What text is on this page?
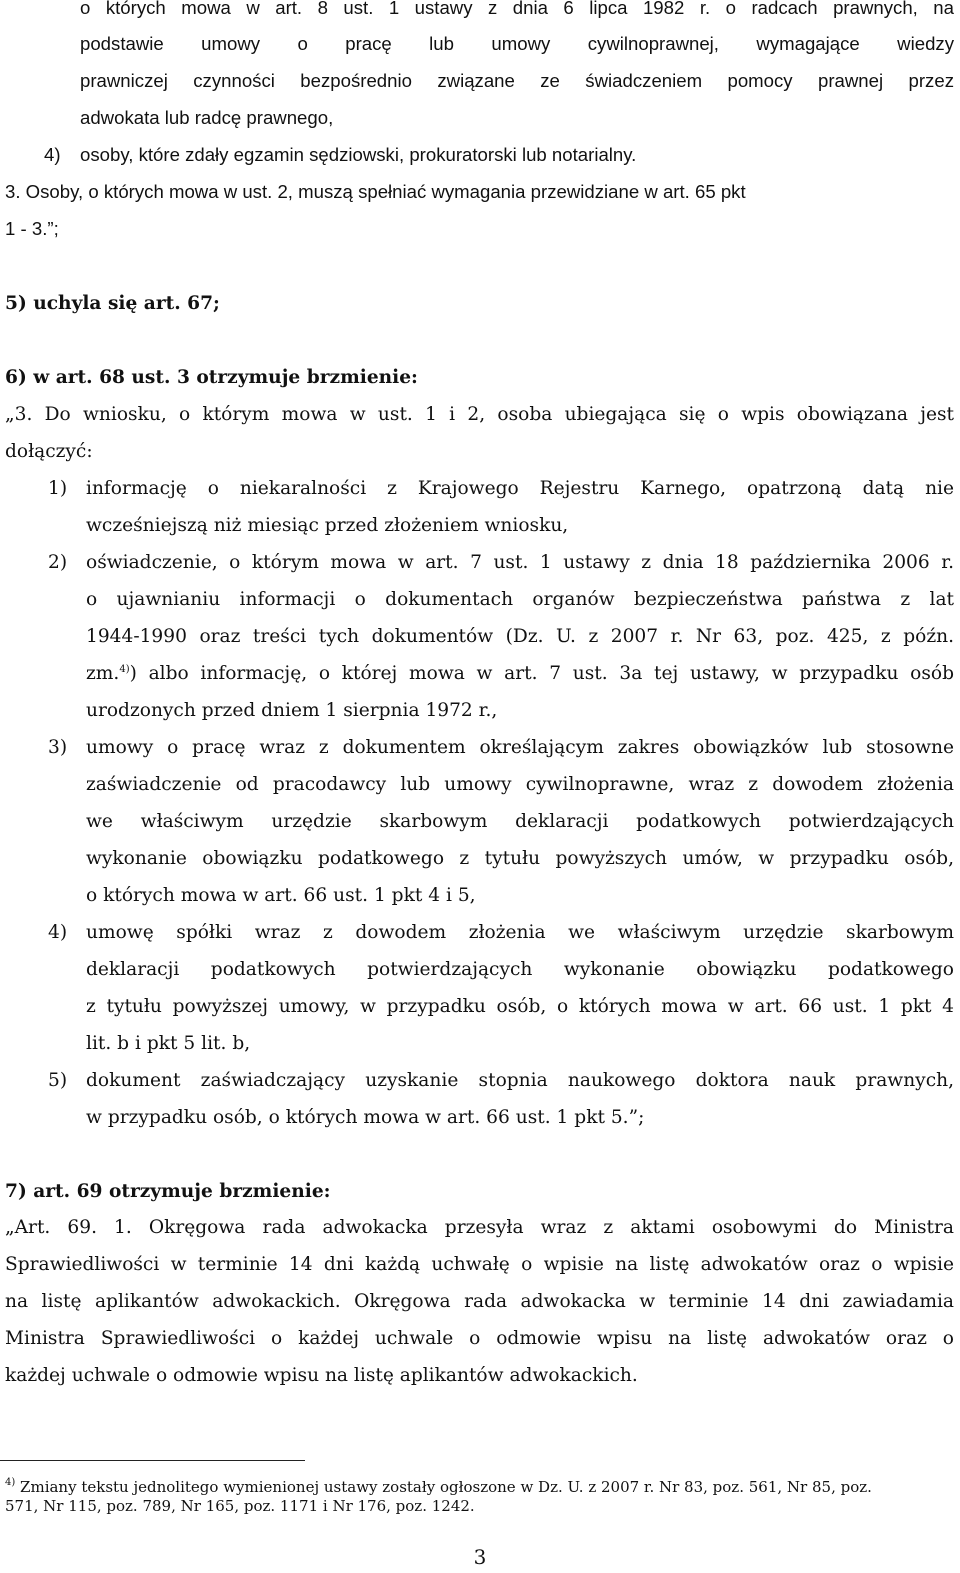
o których mowa w art. 8 ust. 1 ustawy z dnia 6 lipca 1982 r. o radcach prawnych, na
podstawie umowy o pracę lub umowy cywilnoprawnej, wymagające wiedzy
prawniczej czynności bezpośrednio związane ze świadczeniem pomocy prawnej przez
adwokata lub radcę prawnego,
4) osoby, które zdały egzamin sędziowski, prokuratorski lub notarialny.
3. Osoby, o których mowa w ust. 2, muszą spełniać wymagania przewidziane w art. 65 pkt
1 - 3.”;
5) uchyla się art. 67;
6) w art. 68 ust. 3 otrzymuje brzmienie:
„3. Do wniosku, o którym mowa w ust. 1 i 2, osoba ubiegająca się o wpis obowiązana jest
dołączyć:
1) informację o niekaralności z Krajowego Rejestru Karnego, opatrzoną datą nie
wcześniejszą niż miesiąc przed złożeniem wniosku,
2) oświadczenie, o którym mowa w art. 7 ust. 1 ustawy z dnia 18 października 2006 r.
o ujawnianiu informacji o dokumentach organów bezpieczeństwa państwa z lat
1944-1990 oraz treści tych dokumentów (Dz. U. z 2007 r. Nr 63, poz. 425, z późn.
zm.$^{4)}$) albo informację, o której mowa w art. 7 ust. 3a tej ustawy, w przypadku osób
urodzonych przed dniem 1 sierpnia 1972 r.,
3) umowy o pracę wraz z dokumentem określającym zakres obowiązków lub stosowne
zaświadczenie od pracodawcy lub umowy cywilnoprawne, wraz z dowodem złożenia
we właściwym urzędzie skarbowym deklaracji podatkowych potwierdzających
wykonanie obowiązku podatkowego z tytułu powyższych umów, w przypadku osób,
o których mowa w art. 66 ust. 1 pkt 4 i 5,
4) umowę spółki wraz z dowodem złożenia we właściwym urzędzie skarbowym
deklaracji podatkowych potwierdzających wykonanie obowiązku podatkowego
z tytułu powyższej umowy, w przypadku osób, o których mowa w art. 66 ust. 1 pkt 4
lit. b i pkt 5 lit. b,
5) dokument zaświadczający uzyskanie stopnia naukowego doktora nauk prawnych,
w przypadku osób, o których mowa w art. 66 ust. 1 pkt 5.”;
7) art. 69 otrzymuje brzmienie:
„Art. 69. 1. Okręgowa rada adwokacka przesyła wraz z aktami osobowymi do Ministra
Sprawiedliwości w terminie 14 dni każdą uchwałę o wpisie na listę adwokatów oraz o wpisie
na listę aplikantów adwokackich. Okręgowa rada adwokacka w terminie 14 dni zawiadamia
Ministra Sprawiedliwości o każdej uchwale o odmowie wpisu na listę adwokatów oraz o
każdej uchwale o odmowie wpisu na listę aplikantów adwokackich.
$^{4)}$ Zmiany tekstu jednolitego wymienionej ustawy zostały ogłoszone w Dz. U. z 2007 r. Nr 83, poz. 561, Nr 85, poz.
571, Nr 115, poz. 789, Nr 165, poz. 1171 i Nr 176, poz. 1242.
3
